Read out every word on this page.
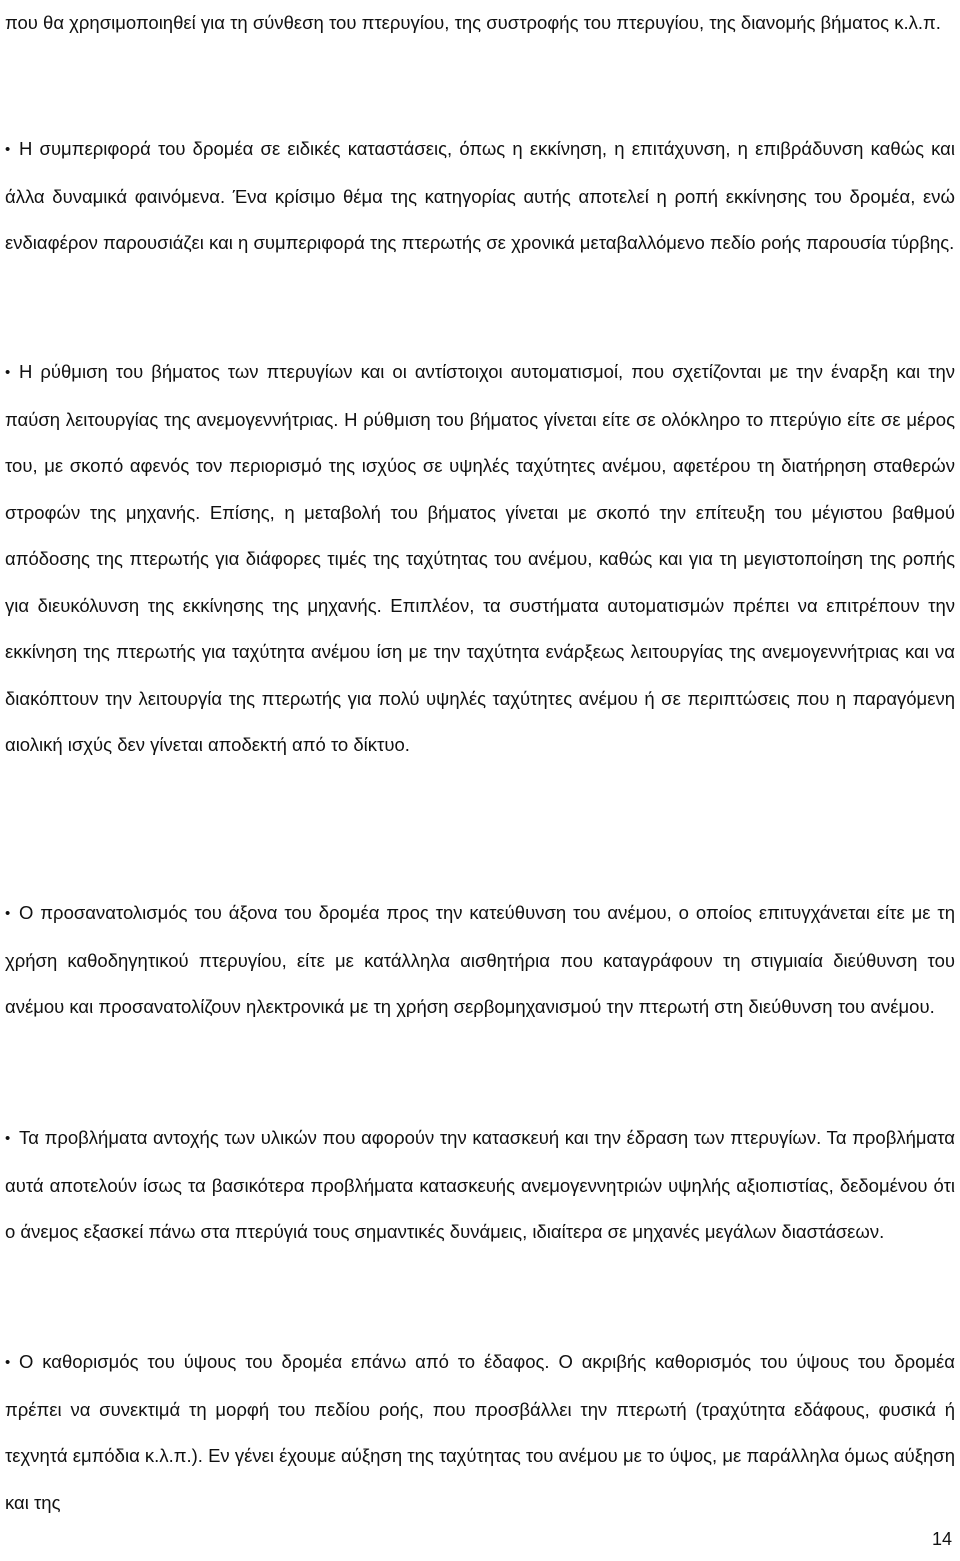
που θα χρησιμοποιηθεί για τη σύνθεση του πτερυγίου, της συστροφής του πτερυγίου, της διανομής βήματος κ.λ.π.

• Η συμπεριφορά του δρομέα σε ειδικές καταστάσεις, όπως η εκκίνηση, η επιτάχυνση, η επιβράδυνση καθώς και άλλα δυναμικά φαινόμενα. Ένα κρίσιμο θέμα της κατηγορίας αυτής αποτελεί η ροπή εκκίνησης του δρομέα, ενώ ενδιαφέρον παρουσιάζει και η συμπεριφορά της πτερωτής σε χρονικά μεταβαλλόμενο πεδίο ροής παρουσία τύρβης.

• Η ρύθμιση του βήματος των πτερυγίων και οι αντίστοιχοι αυτοματισμοί, που σχετίζονται με την έναρξη και την παύση λειτουργίας της ανεμογεννήτριας. Η ρύθμιση του βήματος γίνεται είτε σε ολόκληρο το πτερύγιο είτε σε μέρος του, με σκοπό αφενός τον περιορισμό της ισχύος σε υψηλές ταχύτητες ανέμου, αφετέρου τη διατήρηση σταθερών στροφών της μηχανής. Επίσης, η μεταβολή του βήματος γίνεται με σκοπό την επίτευξη του μέγιστου βαθμού απόδοσης της πτερωτής για διάφορες τιμές της ταχύτητας του ανέμου, καθώς και για τη μεγιστοποίηση της ροπής για διευκόλυνση της εκκίνησης της μηχανής. Επιπλέον, τα συστήματα αυτοματισμών πρέπει να επιτρέπουν την εκκίνηση της πτερωτής για ταχύτητα ανέμου ίση με την ταχύτητα ενάρξεως λειτουργίας της ανεμογεννήτριας και να διακόπτουν την λειτουργία της πτερωτής για πολύ υψηλές ταχύτητες ανέμου ή σε περιπτώσεις που η παραγόμενη αιολική ισχύς δεν γίνεται αποδεκτή από το δίκτυο.

• Ο προσανατολισμός του άξονα του δρομέα προς την κατεύθυνση του ανέμου, ο οποίος επιτυγχάνεται είτε με τη χρήση καθοδηγητικού πτερυγίου, είτε με κατάλληλα αισθητήρια που καταγράφουν τη στιγμιαία διεύθυνση του ανέμου και προσανατολίζουν ηλεκτρονικά με τη χρήση σερβομηχανισμού την πτερωτή στη διεύθυνση του ανέμου.

• Τα προβλήματα αντοχής των υλικών που αφορούν την κατασκευή και την έδραση των πτερυγίων. Τα προβλήματα αυτά αποτελούν ίσως τα βασικότερα προβλήματα κατασκευής ανεμογεννητριών υψηλής αξιοπιστίας, δεδομένου ότι ο άνεμος εξασκεί πάνω στα πτερύγιά τους σημαντικές δυνάμεις, ιδιαίτερα σε μηχανές μεγάλων διαστάσεων.

• Ο καθορισμός του ύψους του δρομέα επάνω από το έδαφος. Ο ακριβής καθορισμός του ύψους του δρομέα πρέπει να συνεκτιμά τη μορφή του πεδίου ροής, που προσβάλλει την πτερωτή (τραχύτητα εδάφους, φυσικά ή τεχνητά εμπόδια κ.λ.π.). Εν γένει έχουμε αύξηση της ταχύτητας του ανέμου με το ύψος, με παράλληλα όμως αύξηση και της

14
